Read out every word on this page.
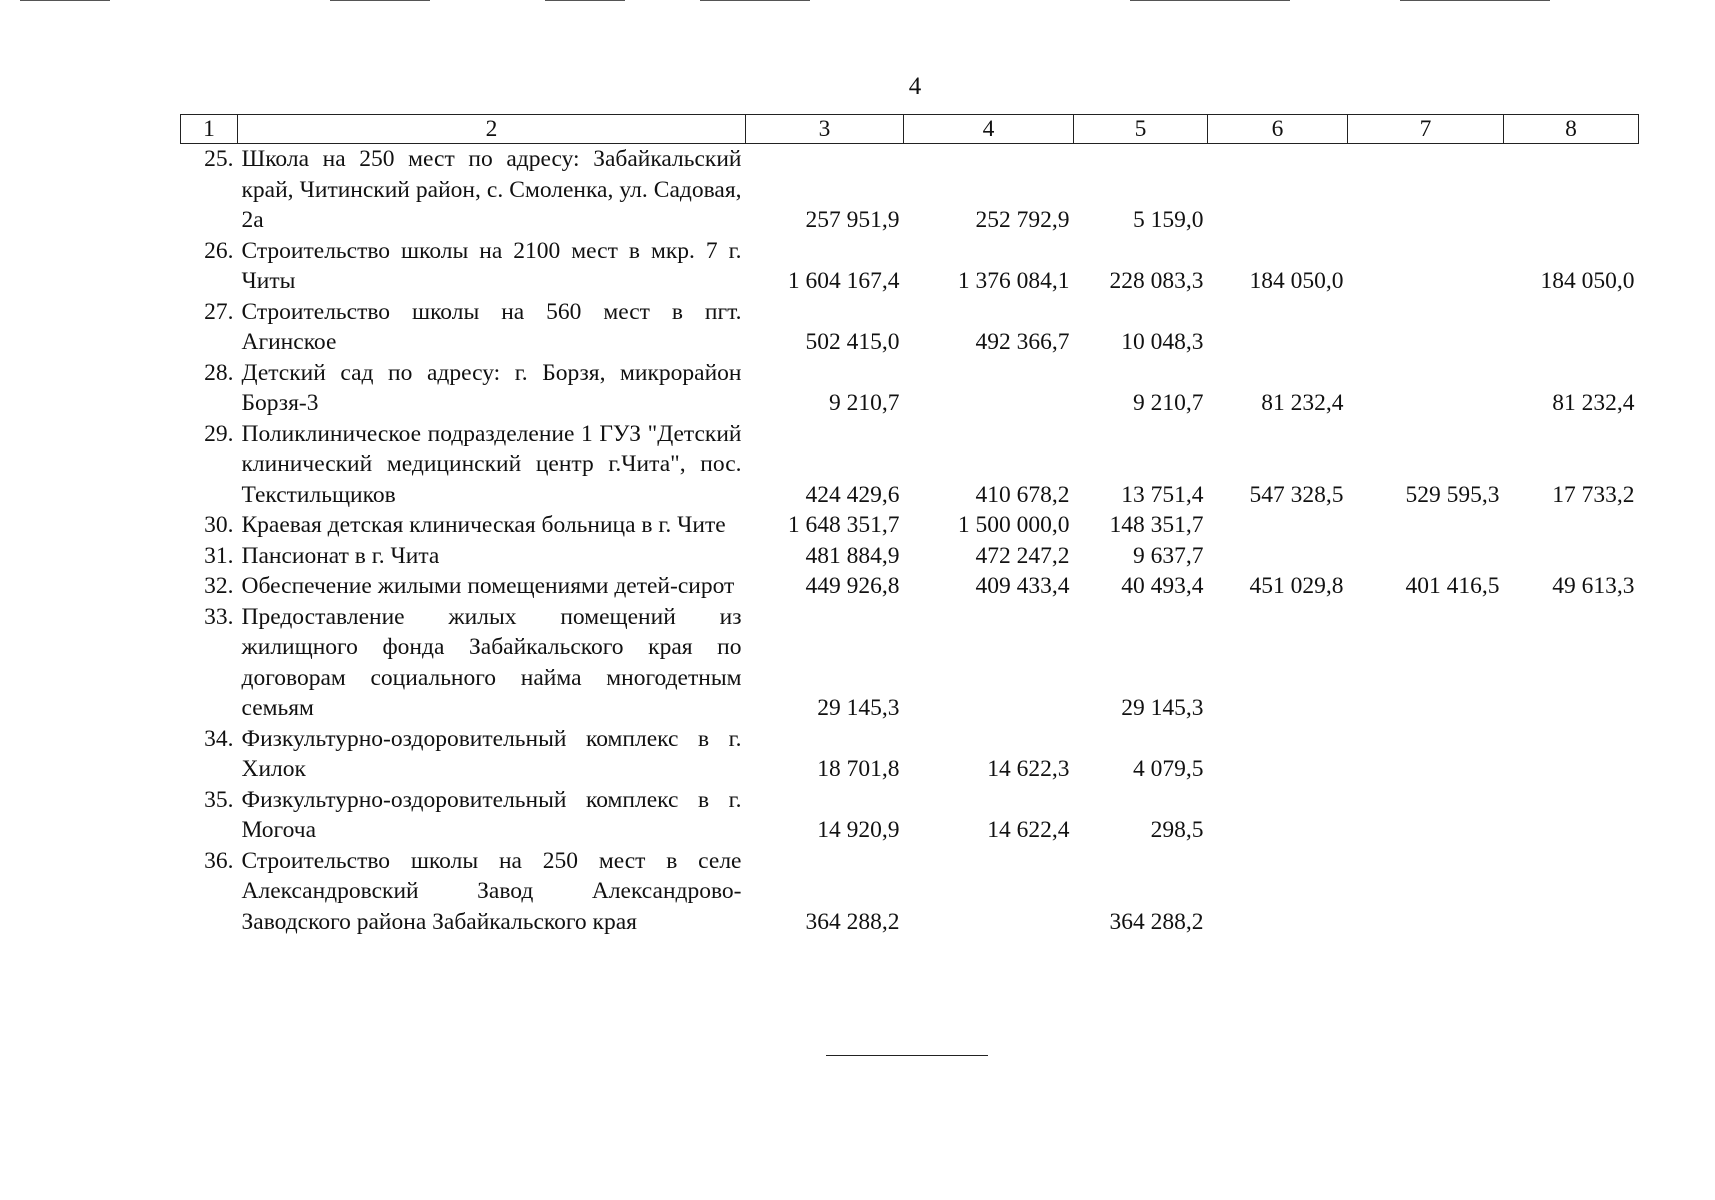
4
1	2	3	4	5	6	7	8
25.	Школа на 250 мест по адресу: Забайкальский край, Читинский район, с. Смоленка, ул. Садовая, 2а	257 951,9	252 792,9	5 159,0			
26.	Строительство школы на 2100 мест в мкр. 7 г. Читы	1 604 167,4	1 376 084,1	228 083,3	184 050,0		184 050,0
27.	Строительство школы на 560 мест в пгт. Агинское	502 415,0	492 366,7	10 048,3			
28.	Детский сад по адресу: г. Борзя, микрорайон Борзя-3	9 210,7		9 210,7	81 232,4		81 232,4
29.	Поликлиническое подразделение 1 ГУЗ "Детский клинический медицинский центр г.Чита", пос. Текстильщиков	424 429,6	410 678,2	13 751,4	547 328,5	529 595,3	17 733,2
30.	Краевая детская клиническая больница в г. Чите	1 648 351,7	1 500 000,0	148 351,7			
31.	Пансионат в г. Чита	481 884,9	472 247,2	9 637,7			
32.	Обеспечение жилыми помещениями детей-сирот	449 926,8	409 433,4	40 493,4	451 029,8	401 416,5	49 613,3
33.	Предоставление жилых помещений из жилищного фонда Забайкальского края по договорам социального найма многодетным семьям	29 145,3		29 145,3			
34.	Физкультурно-оздоровительный комплекс в г. Хилок	18 701,8	14 622,3	4 079,5			
35.	Физкультурно-оздоровительный комплекс в г. Могоча	14 920,9	14 622,4	298,5			
36.	Строительство школы на 250 мест в селе Александровский Завод Александрово-Заводского района Забайкальского края	364 288,2		364 288,2			
